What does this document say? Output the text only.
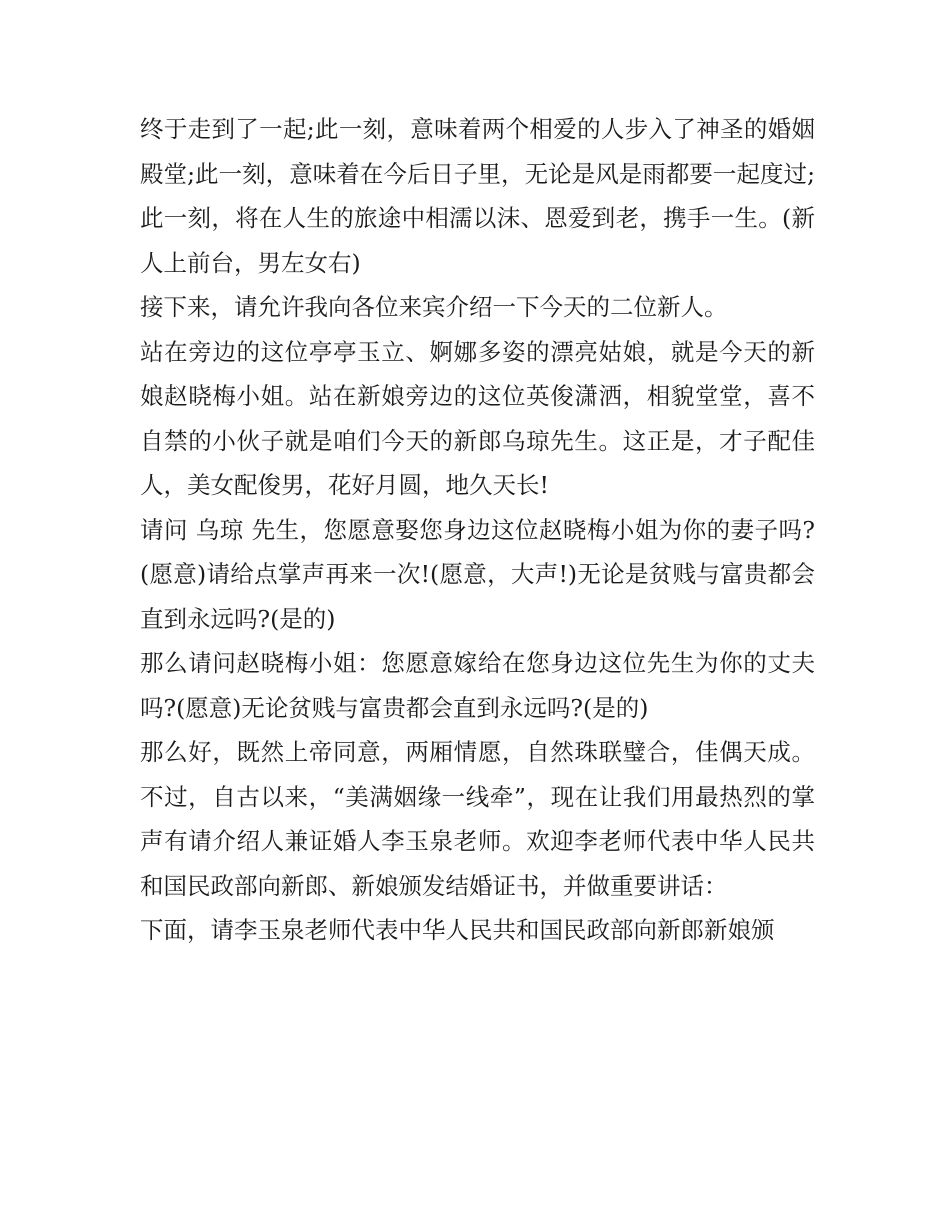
终于走到了一起;此一刻，意味着两个相爱的人步入了神圣的婚姻殿堂;此一刻，意味着在今后日子里，无论是风是雨都要一起度过;此一刻，将在人生的旅途中相濡以沫、恩爱到老，携手一生。(新人上前台，男左女右)

接下来，请允许我向各位来宾介绍一下今天的二位新人。

站在旁边的这位亭亭玉立、婀娜多姿的漂亮姑娘，就是今天的新娘赵晓梅小姐。站在新娘旁边的这位英俊潇洒，相貌堂堂，喜不自禁的小伙子就是咱们今天的新郎乌琼先生。这正是，才子配佳人，美女配俊男，花好月圆，地久天长!

请问 乌琼 先生，您愿意娶您身边这位赵晓梅小姐为你的妻子吗?(愿意)请给点掌声再来一次!(愿意，大声!)无论是贫贱与富贵都会直到永远吗?(是的)

那么请问赵晓梅小姐：您愿意嫁给在您身边这位先生为你的丈夫吗?(愿意)无论贫贱与富贵都会直到永远吗?(是的)

那么好，既然上帝同意，两厢情愿，自然珠联璧合，佳偶天成。不过，自古以来，“美满姻缘一线牵”，现在让我们用最热烈的掌声有请介绍人兼证婚人李玉泉老师。欢迎李老师代表中华人民共和国民政部向新郎、新娘颁发结婚证书，并做重要讲话：

下面，请李玉泉老师代表中华人民共和国民政部向新郎新娘颁
